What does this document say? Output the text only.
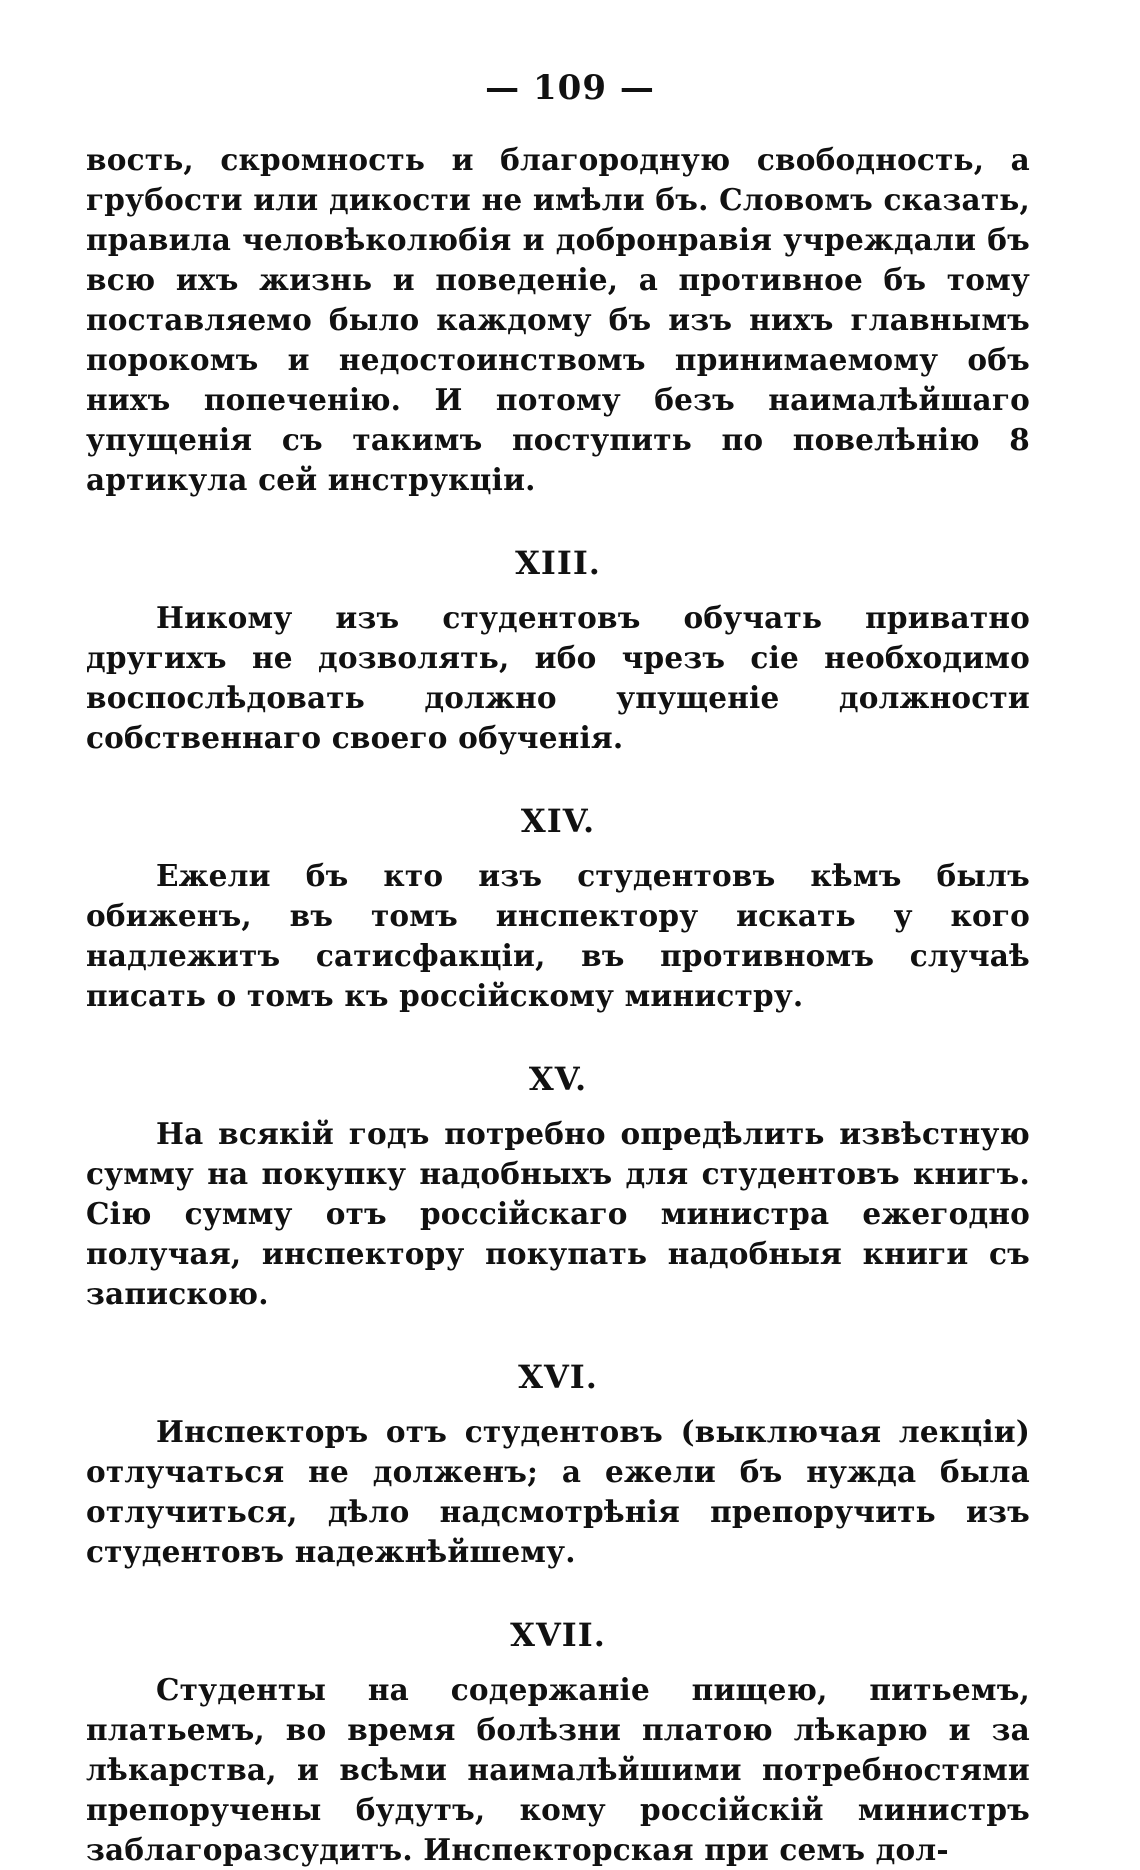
— 109 —

вость, скромность и благородную свободность, а грубости или дикости не имѣли бъ. Словомъ сказать, правила человѣколюбія и добронравія учреждали бъ всю ихъ жизнь и поведеніе, а противное бъ тому поставляемо было каждому бъ изъ нихъ главнымъ порокомъ и недостоинствомъ принимаемому объ нихъ попеченію. И потому безъ наималѣйшаго упущенія съ такимъ поступить по повелѣнію 8 артикула сей инструкціи.

XIII.

Никому изъ студентовъ обучать приватно другихъ не дозволять, ибо чрезъ сіе необходимо воспослѣдовать должно упущеніе должности собственнаго своего обученія.

XIV.

Ежели бъ кто изъ студентовъ кѣмъ былъ обиженъ, въ томъ инспектору искать у кого надлежитъ сатисфакціи, въ противномъ случаѣ писать о томъ къ россійскому министру.

XV.

На всякій годъ потребно опредѣлить извѣстную сумму на покупку надобныхъ для студентовъ книгъ. Сію сумму отъ россійскаго министра ежегодно получая, инспектору покупать надобныя книги съ запискою.

XVI.

Инспекторъ отъ студентовъ (выключая лекціи) отлучаться не долженъ; а ежели бъ нужда была отлучиться, дѣло надсмотрѣнія препоручить изъ студентовъ надежнѣйшему.

XVII.

Студенты на содержаніе пищею, питьемъ, платьемъ, во время болѣзни платою лѣкарю и за лѣкарства, и всѣми наималѣйшими потребностями препоручены будутъ, кому россійскій министръ заблагоразсудитъ. Инспекторская при семъ дол-
